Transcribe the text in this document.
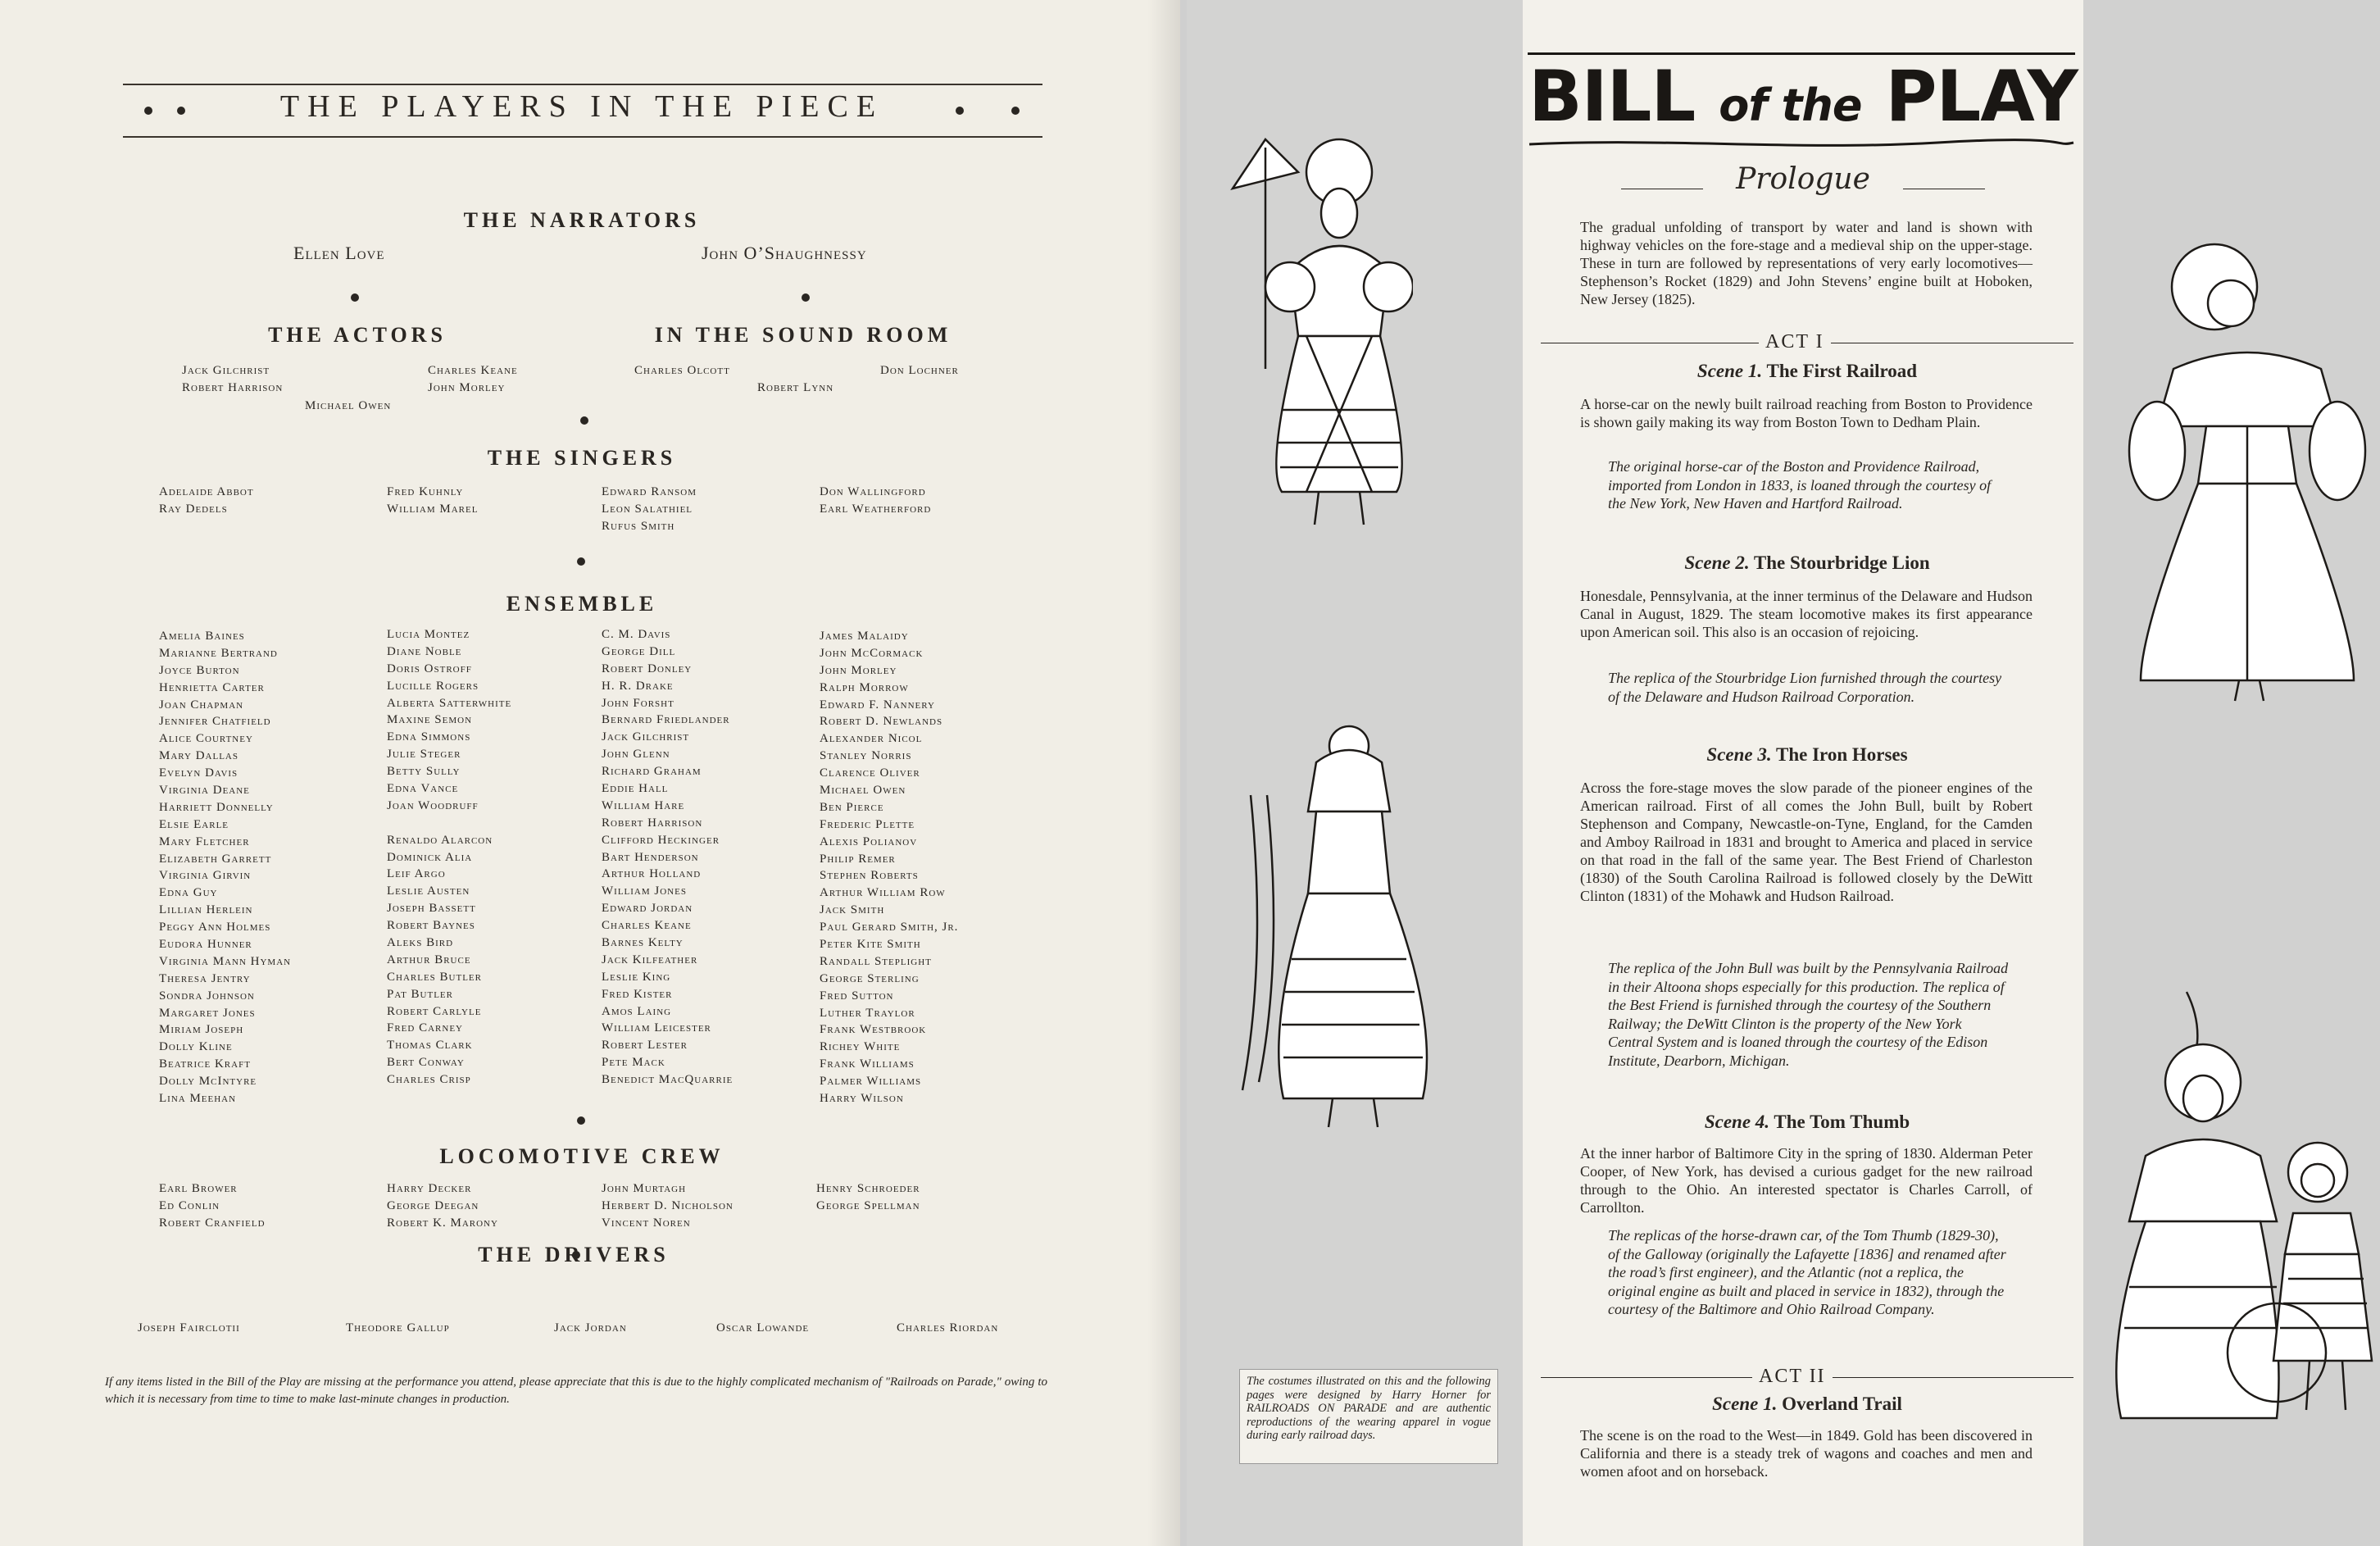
THE PLAYERS IN THE PIECE
THE NARRATORS
Ellen Love	John O’Shaughnessy
THE ACTORS
Jack Gilchrist
Robert Harrison
Charles Keane
John Morley
Michael Owen
IN THE SOUND ROOM
Charles Olcott
Robert Lynn
Don Lochner
THE SINGERS
Adelaide Abbot
Ray Dedels
Fred Kuhnly
William Marel
Edward Ransom
Leon Salathiel
Rufus Smith
Don Wallingford
Earl Weatherford
ENSEMBLE
Amelia Baines
Marianne Bertrand
Joyce Burton
Henrietta Carter
Joan Chapman
Jennifer Chatfield
Alice Courtney
Mary Dallas
Evelyn Davis
Virginia Deane
Harriett Donnelly
Elsie Earle
Mary Fletcher
Elizabeth Garrett
Virginia Girvin
Edna Guy
Lillian Herlein
Peggy Ann Holmes
Eudora Hunner
Virginia Mann Hyman
Theresa Jentry
Sondra Johnson
Margaret Jones
Miriam Joseph
Dolly Kline
Beatrice Kraft
Dolly McIntyre
Lina Meehan
Lucia Montez
Diane Noble
Doris Ostroff
Lucille Rogers
Alberta Satterwhite
Maxine Semon
Edna Simmons
Julie Steger
Betty Sully
Edna Vance
Joan Woodruff
Renaldo Alarcon
Dominick Alia
Leif Argo
Leslie Austen
Joseph Bassett
Robert Baynes
Aleks Bird
Arthur Bruce
Charles Butler
Pat Butler
Robert Carlyle
Fred Carney
Thomas Clark
Bert Conway
Charles Crisp
C. M. Davis
George Dill
Robert Donley
H. R. Drake
John Forsht
Bernard Friedlander
Jack Gilchrist
John Glenn
Richard Graham
Eddie Hall
William Hare
Robert Harrison
Clifford Heckinger
Bart Henderson
Arthur Holland
William Jones
Edward Jordan
Charles Keane
Barnes Kelty
Jack Kilfeather
Leslie King
Fred Kister
Amos Laing
William Leicester
Robert Lester
Pete Mack
Benedict MacQuarrie
James Malaidy
John McCormack
John Morley
Ralph Morrow
Edward F. Nannery
Robert D. Newlands
Alexander Nicol
Stanley Norris
Clarence Oliver
Michael Owen
Ben Pierce
Frederic Plette
Alexis Polianov
Philip Remer
Stephen Roberts
Arthur William Row
Jack Smith
Paul Gerard Smith, Jr.
Peter Kite Smith
Randall Steplight
George Sterling
Fred Sutton
Luther Traylor
Frank Westbrook
Richey White
Frank Williams
Palmer Williams
Harry Wilson
LOCOMOTIVE CREW
Earl Brower
Ed Conlin
Robert Cranfield
Harry Decker
George Deegan
Robert K. Marony
John Murtagh
Herbert D. Nicholson
Vincent Noren
Henry Schroeder
George Spellman
THE DRIVERS
Joseph Fairclotii	Theodore Gallup	Jack Jordan	Oscar Lowande	Charles Riordan
If any items listed in the Bill of the Play are missing at the performance you attend, please appreciate that this is due to the highly complicated mechanism of "Railroads on Parade," owing to which it is necessary from time to time to make last-minute changes in production.
BILL of the PLAY
Prologue
The gradual unfolding of transport by water and land is shown with highway vehicles on the fore-stage and a medieval ship on the upper-stage. These in turn are followed by representations of very early locomotives—Stephenson’s Rocket (1829) and John Stevens’ engine built at Hoboken, New Jersey (1825).
ACT I
Scene 1. The First Railroad
A horse-car on the newly built railroad reaching from Boston to Providence is shown gaily making its way from Boston Town to Dedham Plain.
The original horse-car of the Boston and Providence Railroad, imported from London in 1833, is loaned through the courtesy of the New York, New Haven and Hartford Railroad.
Scene 2. The Stourbridge Lion
Honesdale, Pennsylvania, at the inner terminus of the Delaware and Hudson Canal in August, 1829. The steam locomotive makes its first appearance upon American soil. This also is an occasion of rejoicing.
The replica of the Stourbridge Lion furnished through the courtesy of the Delaware and Hudson Railroad Corporation.
Scene 3. The Iron Horses
Across the fore-stage moves the slow parade of the pioneer engines of the American railroad. First of all comes the John Bull, built by Robert Stephenson and Company, Newcastle-on-Tyne, England, for the Camden and Amboy Railroad in 1831 and brought to America and placed in service on that road in the fall of the same year. The Best Friend of Charleston (1830) of the South Carolina Railroad is followed closely by the DeWitt Clinton (1831) of the Mohawk and Hudson Railroad.
The replica of the John Bull was built by the Pennsylvania Railroad in their Altoona shops especially for this production. The replica of the Best Friend is furnished through the courtesy of the Southern Railway; the DeWitt Clinton is the property of the New York Central System and is loaned through the courtesy of the Edison Institute, Dearborn, Michigan.
Scene 4. The Tom Thumb
At the inner harbor of Baltimore City in the spring of 1830. Alderman Peter Cooper, of New York, has devised a curious gadget for the new railroad through to the Ohio. An interested spectator is Charles Carroll, of Carrollton.
The replicas of the horse-drawn car, of the Tom Thumb (1829-30), of the Galloway (originally the Lafayette [1836] and renamed after the road’s first engineer), and the Atlantic (not a replica, the original engine as built and placed in service in 1832), through the courtesy of the Baltimore and Ohio Railroad Company.
ACT II
Scene 1. Overland Trail
The scene is on the road to the West—in 1849. Gold has been discovered in California and there is a steady trek of wagons and coaches and men and women afoot and on horseback.
The costumes illustrated on this and the following pages were designed by Harry Horner for RAILROADS ON PARADE and are authentic reproductions of the wearing apparel in vogue during early railroad days.
